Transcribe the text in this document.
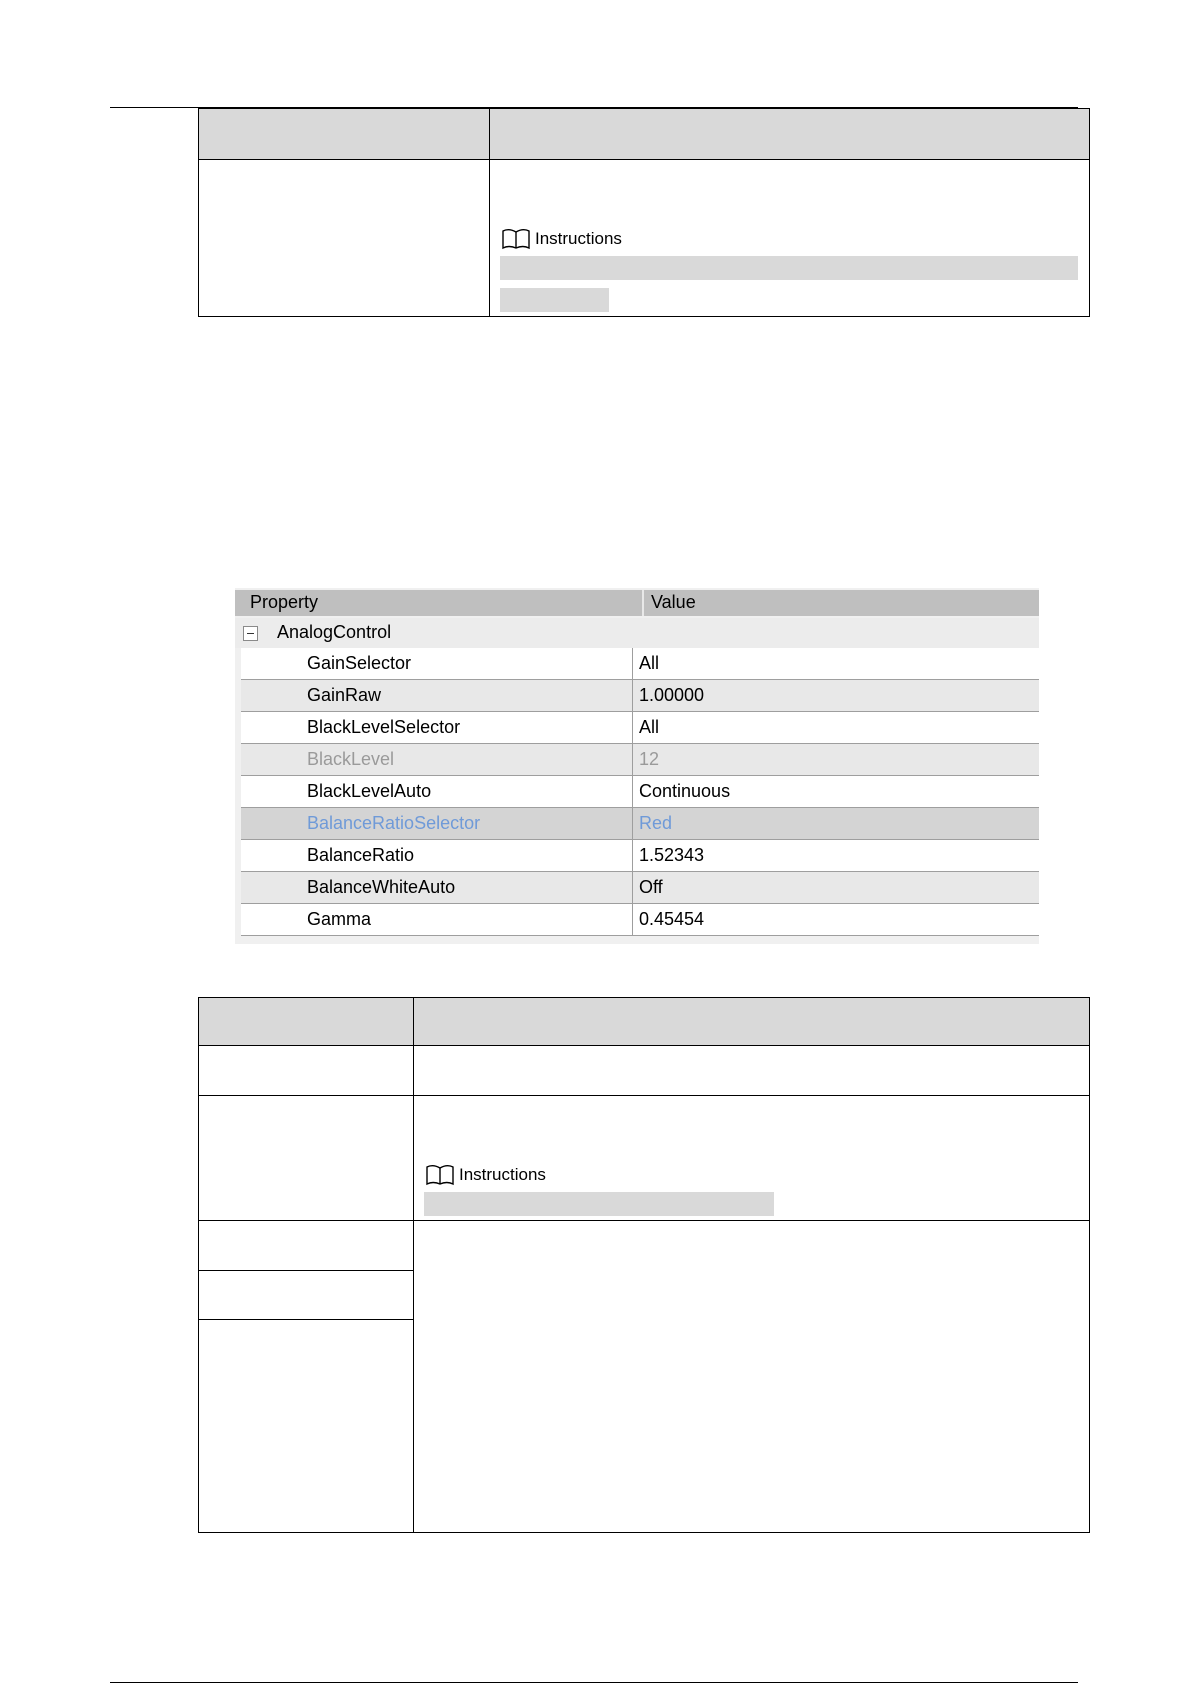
Instructions
Property	Value
AnalogControl
GainSelector	All
GainRaw	1.00000
BlackLevelSelector	All
BlackLevel	12
BlackLevelAuto	Continuous
BalanceRatioSelector	Red
BalanceRatio	1.52343
BalanceWhiteAuto	Off
Gamma	0.45454
Instructions
